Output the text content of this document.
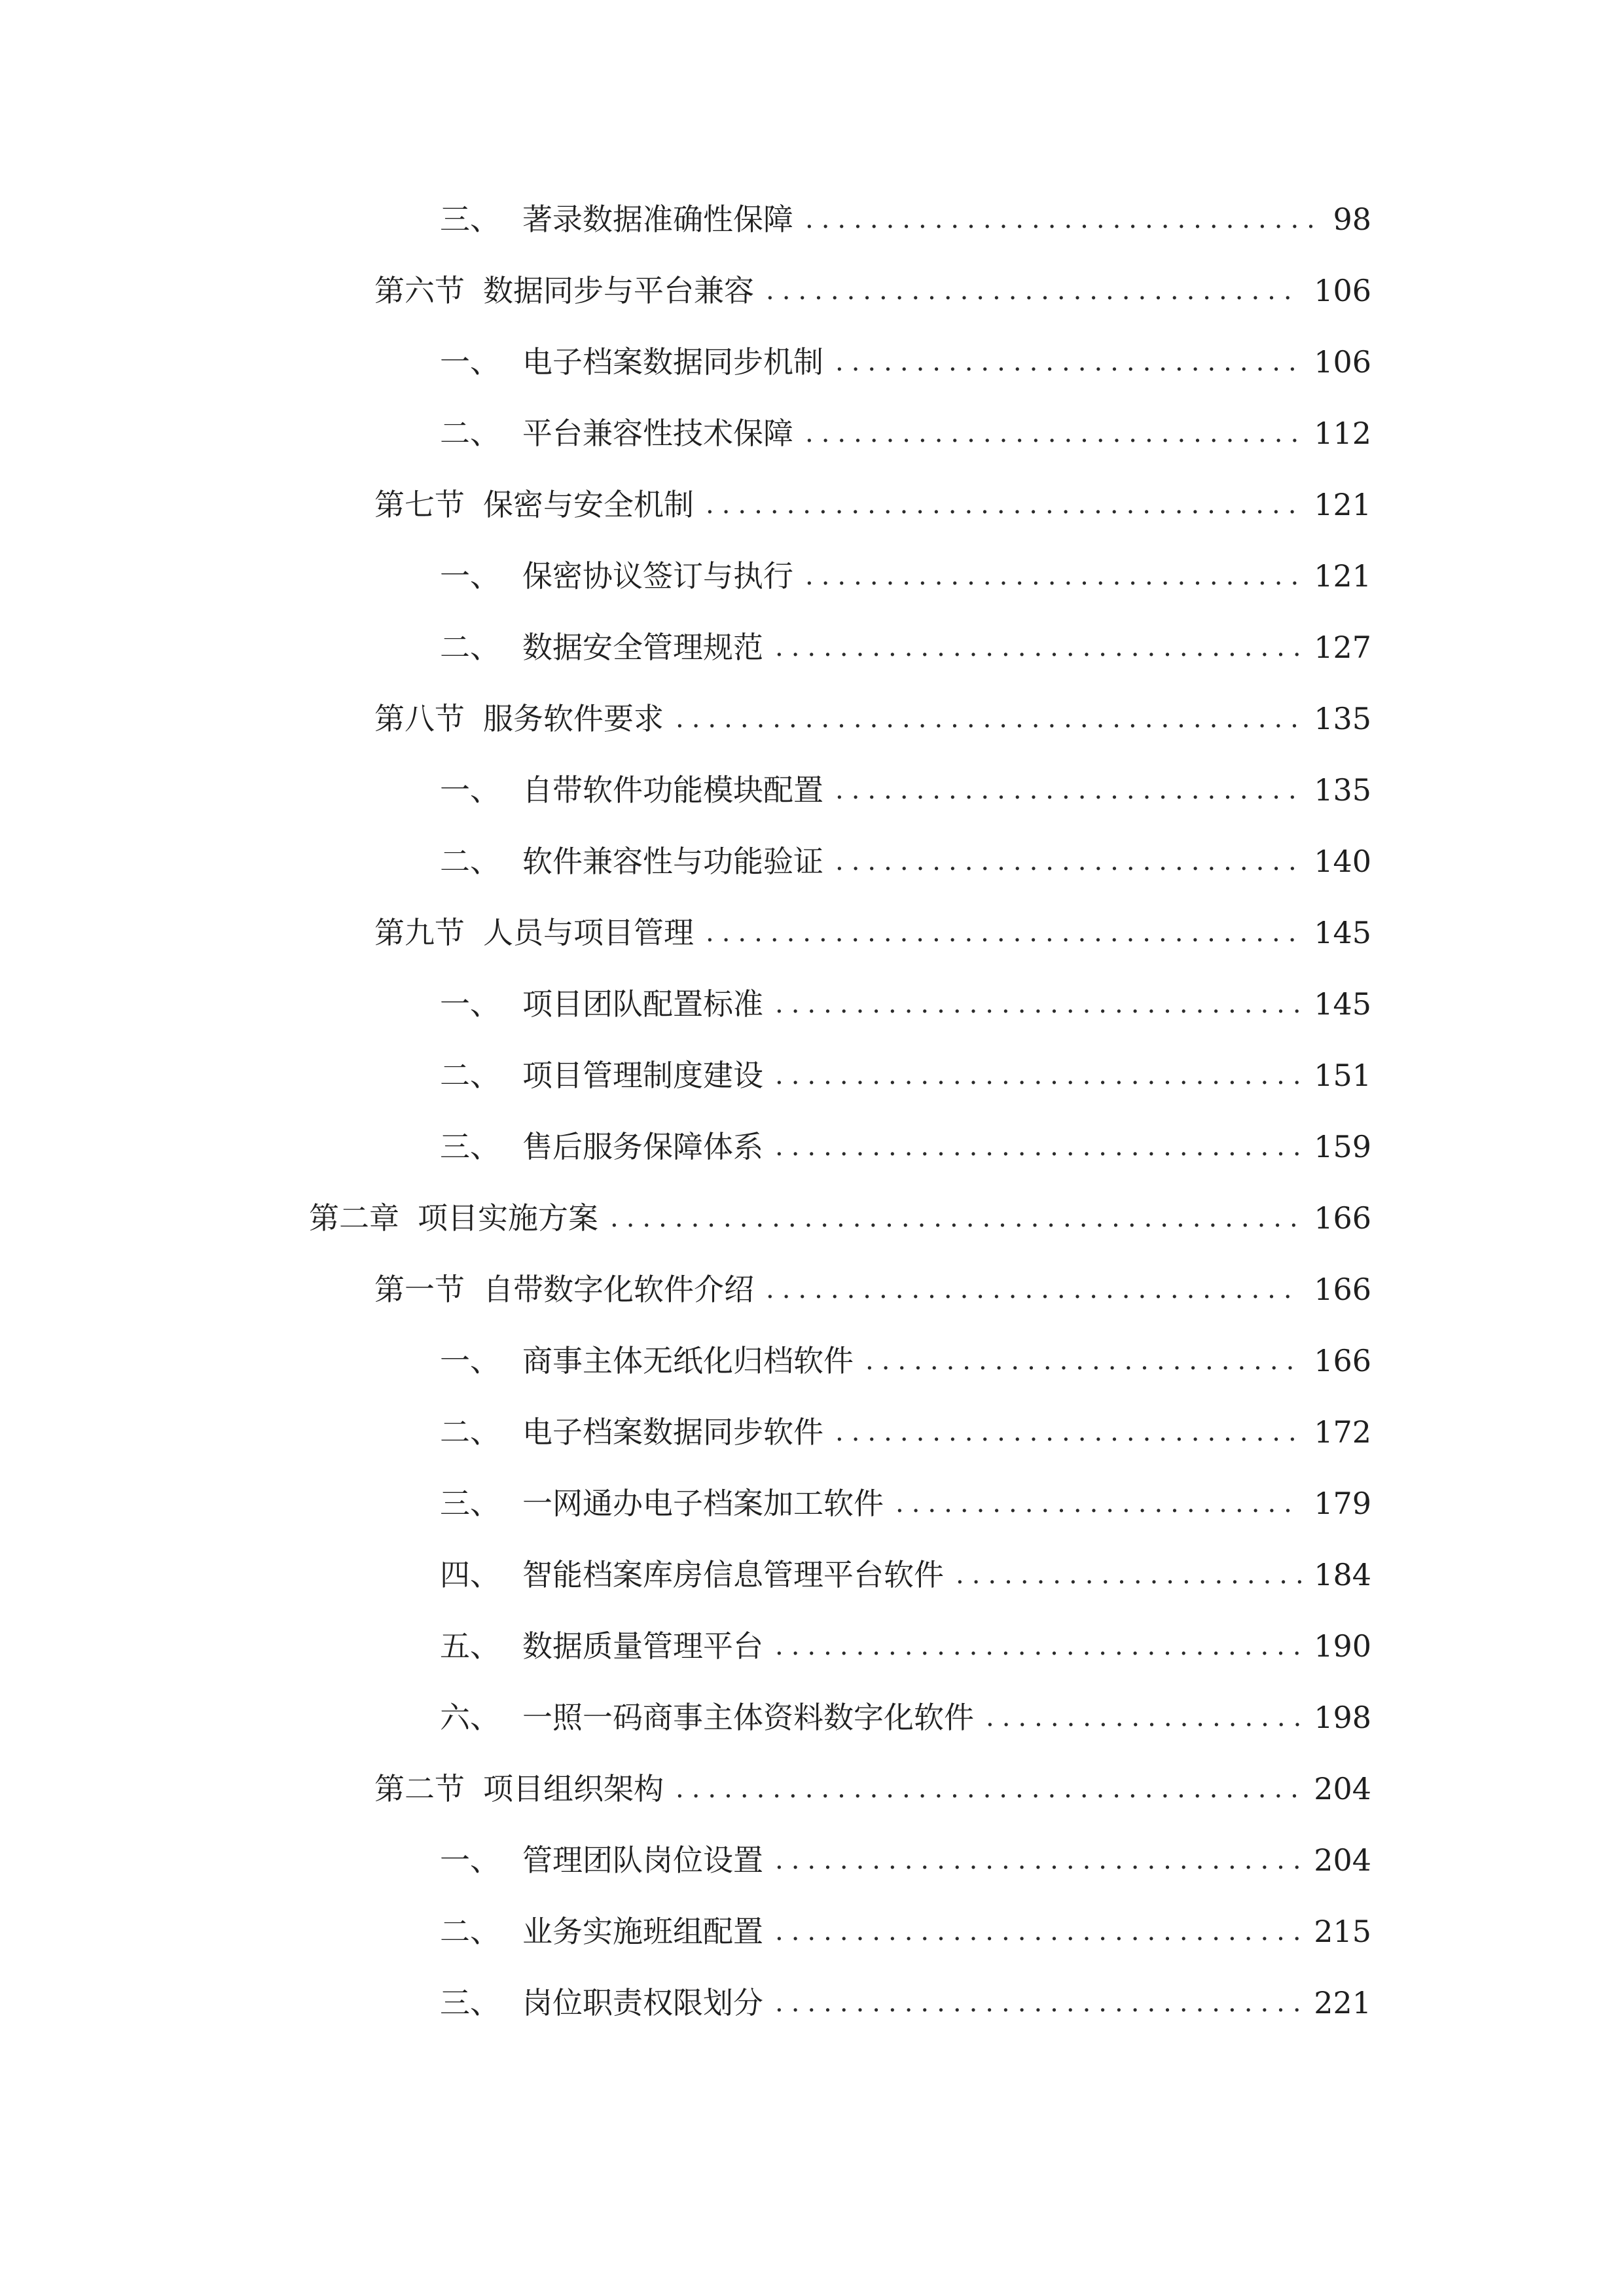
三、 著录数据准确性保障 .....	98
第六节 数据同步与平台兼容 .....	106
一、 电子档案数据同步机制 .....	106
二、 平台兼容性技术保障 .....	112
第七节 保密与安全机制 .....	121
一、 保密协议签订与执行 .....	121
二、 数据安全管理规范 .....	127
第八节 服务软件要求 .....	135
一、 自带软件功能模块配置 .....	135
二、 软件兼容性与功能验证 .....	140
第九节 人员与项目管理 .....	145
一、 项目团队配置标准 .....	145
二、 项目管理制度建设 .....	151
三、 售后服务保障体系 .....	159
第二章 项目实施方案 .....	166
第一节 自带数字化软件介绍 .....	166
一、 商事主体无纸化归档软件 .....	166
二、 电子档案数据同步软件 .....	172
三、 一网通办电子档案加工软件 .....	179
四、 智能档案库房信息管理平台软件 .....	184
五、 数据质量管理平台 .....	190
六、 一照一码商事主体资料数字化软件 .....	198
第二节 项目组织架构 .....	204
一、 管理团队岗位设置 .....	204
二、 业务实施班组配置 .....	215
三、 岗位职责权限划分 .....	221
